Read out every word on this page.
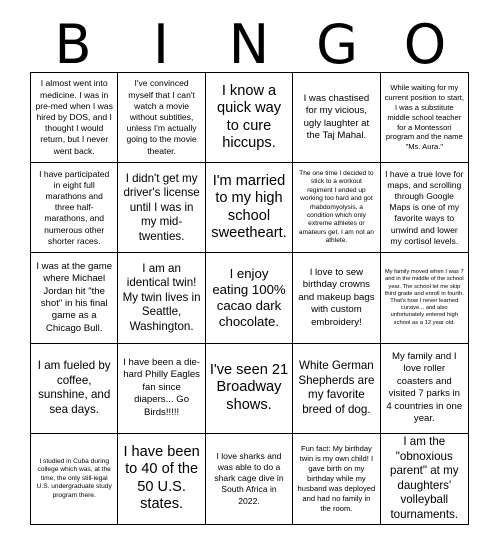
B	I	N G O
I almost went into medicine. I was in pre-med when I was hired by DOS, and I thought I would return, but I never went back.
I've convinced myself that I can't watch a movie without subtitles, unless I'm actually going to the movie theater.
I know a quick way to cure hiccups.
I was chastised for my vicious, ugly laughter at the Taj Mahal.
While waiting for my current position to start, I was a substitute middle school teacher for a Montessori program and the name "Ms. Aura."
I have participated in eight full marathons and three half-marathons, and numerous other shorter races.
I didn't get my driver's license until I was in my mid-twenties.
I'm married to my high school sweetheart.
The one time I decided to stick to a workout regiment I ended up working too hard and got rhabdomyolysis, a condition which only extreme athletes or amateurs get. I am not an athlete.
I have a true love for maps, and scrolling through Google Maps is one of my favorite ways to unwind and lower my cortisol levels.
I was at the game where Michael Jordan hit "the shot" in his final game as a Chicago Bull.
I am an identical twin! My twin lives in Seattle, Washington.
I enjoy eating 100% cacao dark chocolate.
I love to sew birthday crowns and makeup bags with custom embroidery!
My family moved when I was 7 and in the middle of the school year. The school let me skip third grade and enroll in fourth. That's how I never learned cursive... and also unfortunately entered high school as a 12 year old.
I am fueled by coffee, sunshine, and sea days.
I have been a die-hard Philly Eagles fan since diapers... Go Birds!!!!!
I've seen 21 Broadway shows.
White German Shepherds are my favorite breed of dog.
My family and I love roller coasters and visited 7 parks in 4 countries in one year.
I studied in Cuba during college which was, at the time, the only still-legal U.S. undergraduate study program there.
I have been to 40 of the 50 U.S. states.
I love sharks and was able to do a shark cage dive in South Africa in 2022.
Fun fact: My birthday twin is my own child! I gave birth on my birthday while my husband was deployed and had no family in the room.
I am the "obnoxious parent" at my daughters' volleyball tournaments.
